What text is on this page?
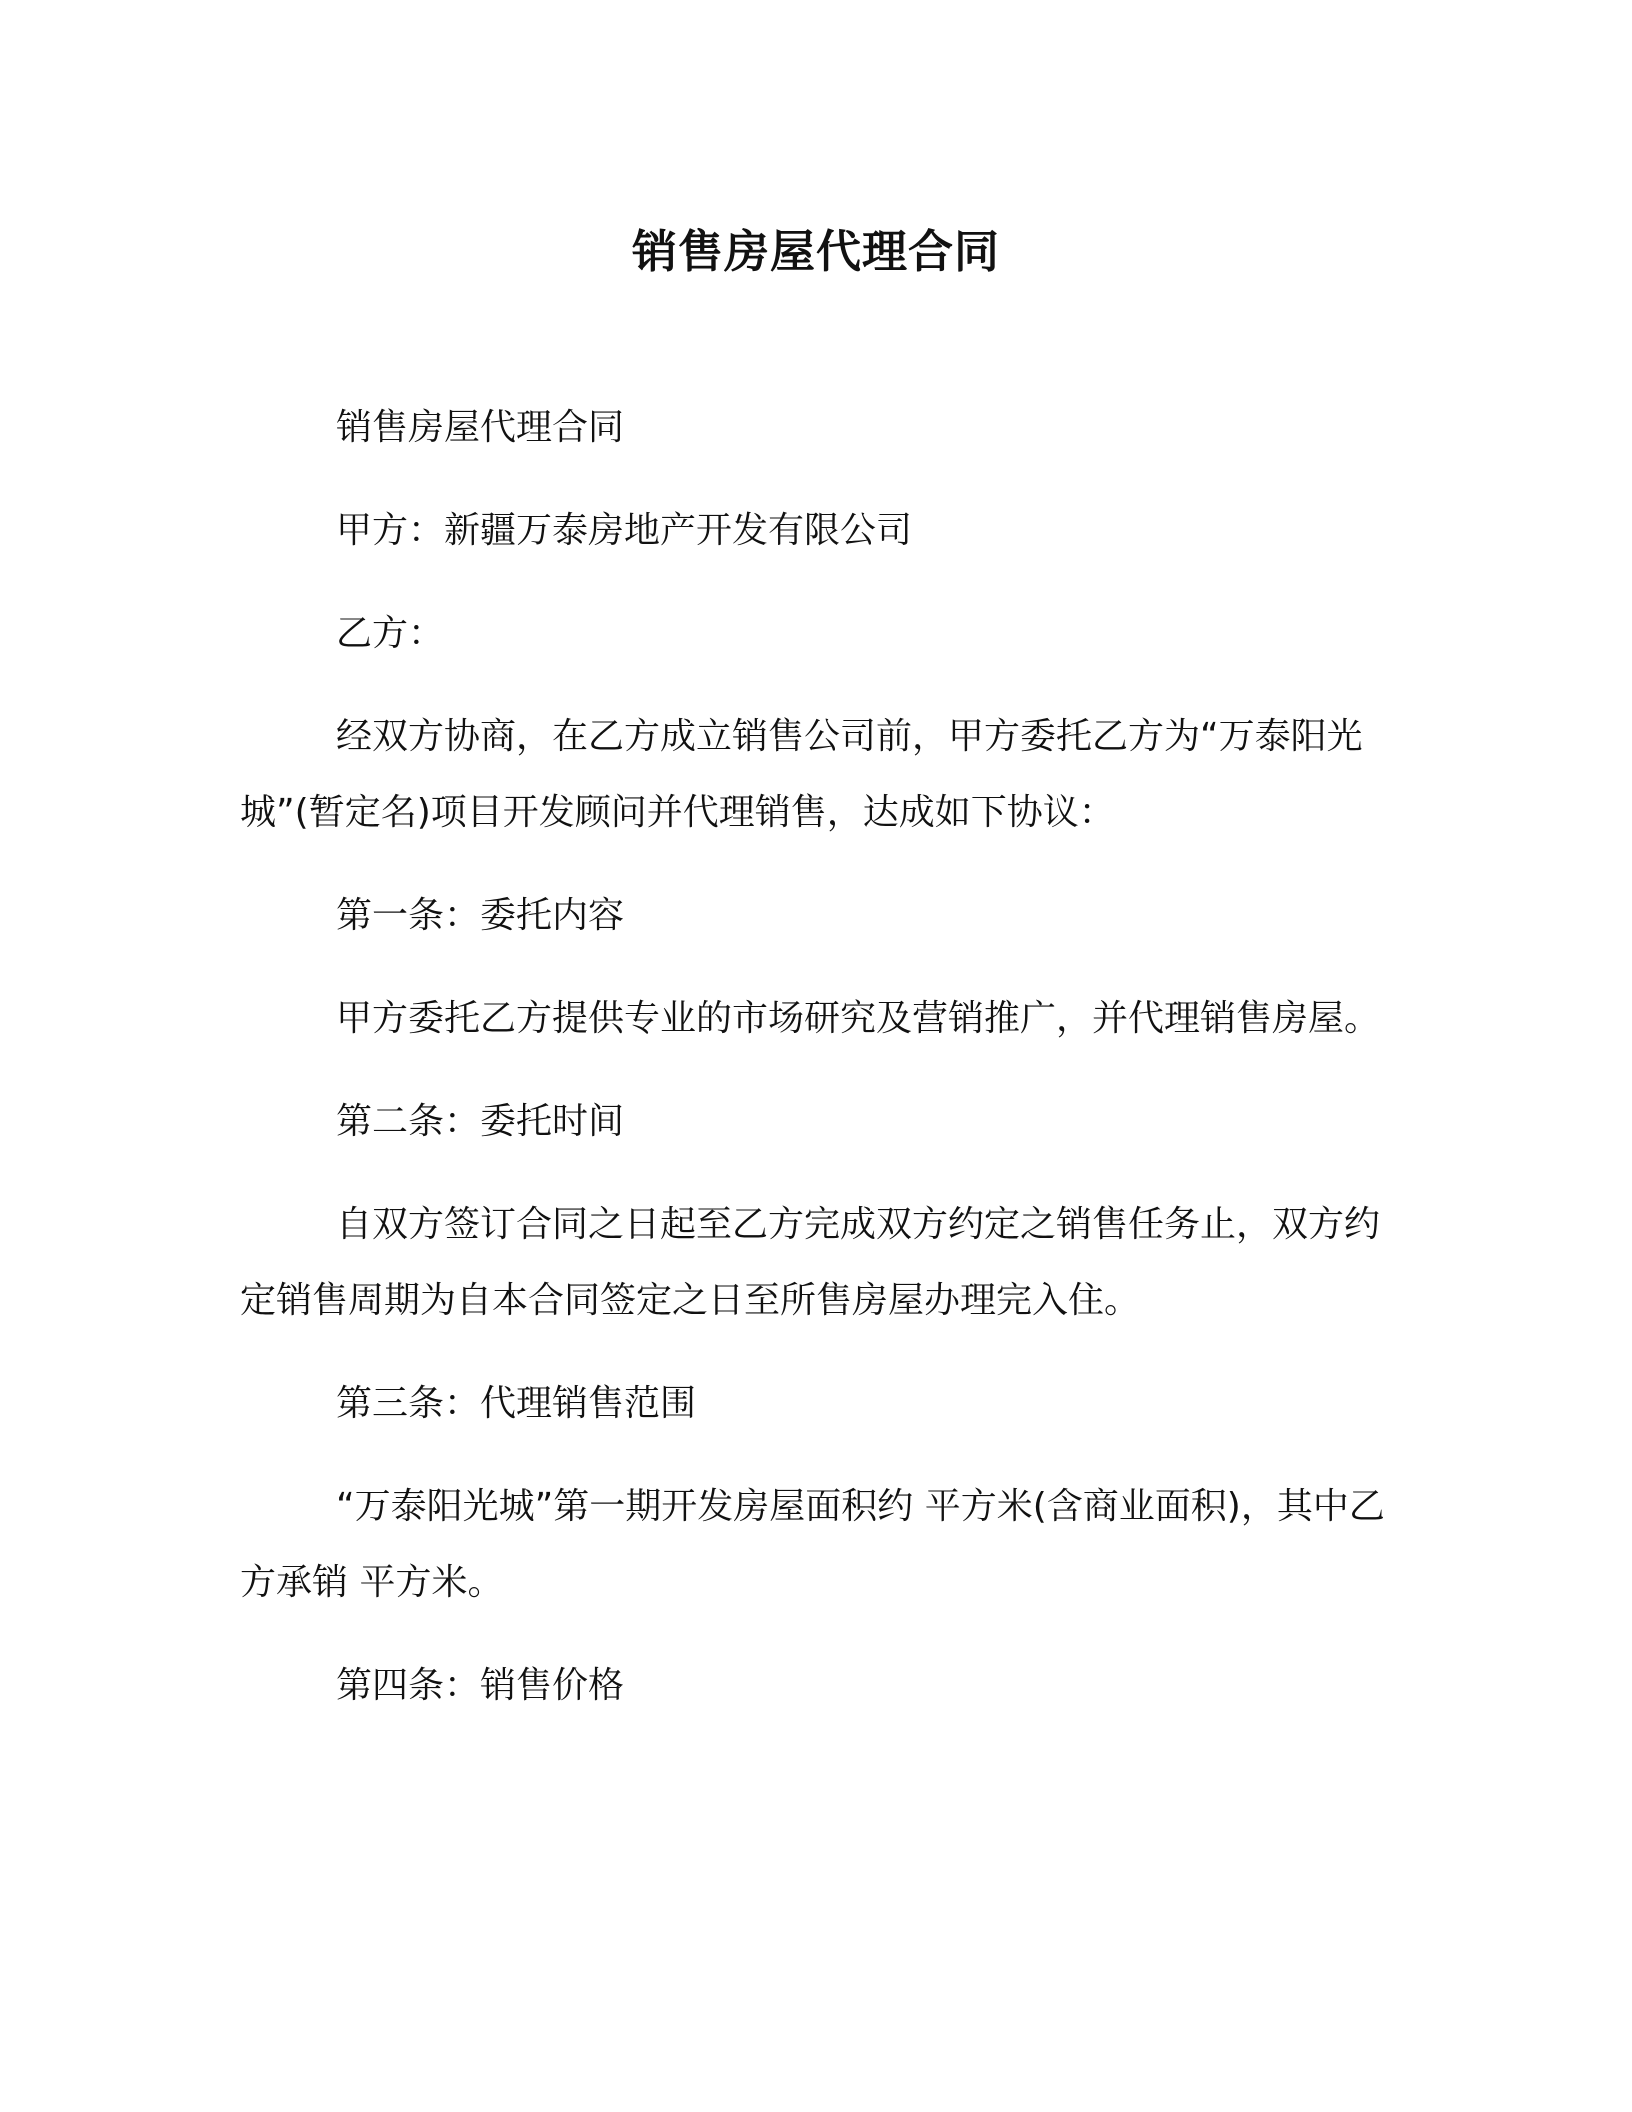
销售房屋代理合同

销售房屋代理合同

甲方：新疆万泰房地产开发有限公司

乙方：

经双方协商，在乙方成立销售公司前，甲方委托乙方为“万泰阳光城”(暂定名)项目开发顾问并代理销售，达成如下协议：

第一条：委托内容

甲方委托乙方提供专业的市场研究及营销推广，并代理销售房屋。

第二条：委托时间

自双方签订合同之日起至乙方完成双方约定之销售任务止，双方约定销售周期为自本合同签定之日至所售房屋办理完入住。

第三条：代理销售范围

“万泰阳光城”第一期开发房屋面积约 平方米(含商业面积)，其中乙方承销 平方米。

第四条：销售价格
